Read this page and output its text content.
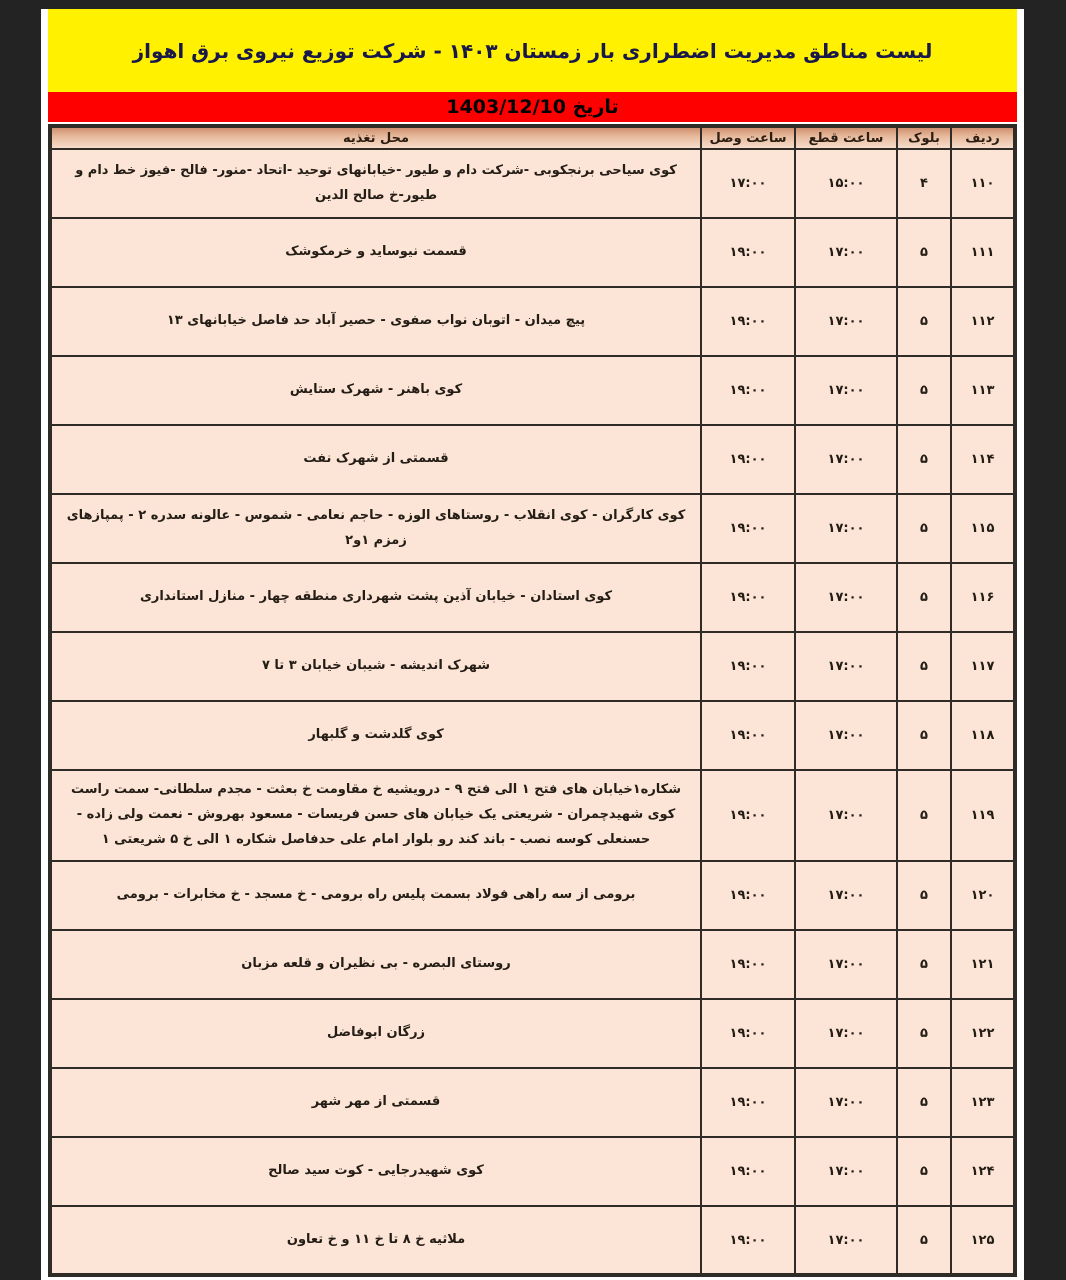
لیست مناطق مدیریت اضطراری بار زمستان ۱۴۰۳ - شرکت توزیع نیروی برق اهواز
تاریخ 1403/12/10
ردیف	بلوک	ساعت قطع	ساعت وصل	محل تغذیه
۱۱۰	۴	۱۵:۰۰	۱۷:۰۰	کوی سیاحی برنجکوبی -شرکت دام و طیور -خیابانهای توحید -اتحاد -منور- فالح -فیوز خط دام و طیور-خ صالح الدین
۱۱۱	۵	۱۷:۰۰	۱۹:۰۰	قسمت نیوساید و خرمکوشک
۱۱۲	۵	۱۷:۰۰	۱۹:۰۰	پیچ میدان - اتوبان نواب صفوی - حصیر آباد حد فاصل خیابانهای ۱۳
۱۱۳	۵	۱۷:۰۰	۱۹:۰۰	کوی باهنر - شهرک ستایش
۱۱۴	۵	۱۷:۰۰	۱۹:۰۰	قسمتی از شهرک نفت
۱۱۵	۵	۱۷:۰۰	۱۹:۰۰	کوی کارگران - کوی انقلاب - روستاهای الوزه - حاجم نعامی - شموس - عالونه سدره ۲ - پمپازهای زمزم ۱و۲
۱۱۶	۵	۱۷:۰۰	۱۹:۰۰	کوی استادان - خیابان آذین پشت شهرداری منطقه چهار - منازل استانداری
۱۱۷	۵	۱۷:۰۰	۱۹:۰۰	شهرک اندیشه - شیبان خیابان ۳ تا ۷
۱۱۸	۵	۱۷:۰۰	۱۹:۰۰	کوی گلدشت و گلبهار
۱۱۹	۵	۱۷:۰۰	۱۹:۰۰	شکاره۱خیابان های فتح ۱ الی فتح ۹ - درویشیه خ مقاومت خ بعثت - مجدم سلطانی- سمت راست کوی شهیدچمران - شریعتی یک خیابان های حسن فریسات - مسعود بهروش - نعمت ولی زاده - حسنعلی کوسه نصب - باند کند رو بلوار امام علی حدفاصل شکاره ۱ الی خ ۵ شریعتی ۱
۱۲۰	۵	۱۷:۰۰	۱۹:۰۰	برومی از سه راهی فولاد بسمت پلیس راه برومی - خ مسجد - خ مخابرات - برومی
۱۲۱	۵	۱۷:۰۰	۱۹:۰۰	روستای البصره - بی نظیران و قلعه مزبان
۱۲۲	۵	۱۷:۰۰	۱۹:۰۰	زرگان ابوفاضل
۱۲۳	۵	۱۷:۰۰	۱۹:۰۰	قسمتی از مهر شهر
۱۲۴	۵	۱۷:۰۰	۱۹:۰۰	کوی شهیدرجایی - کوت سید صالح
۱۲۵	۵	۱۷:۰۰	۱۹:۰۰	ملاثیه خ ۸ تا خ ۱۱ و خ تعاون
